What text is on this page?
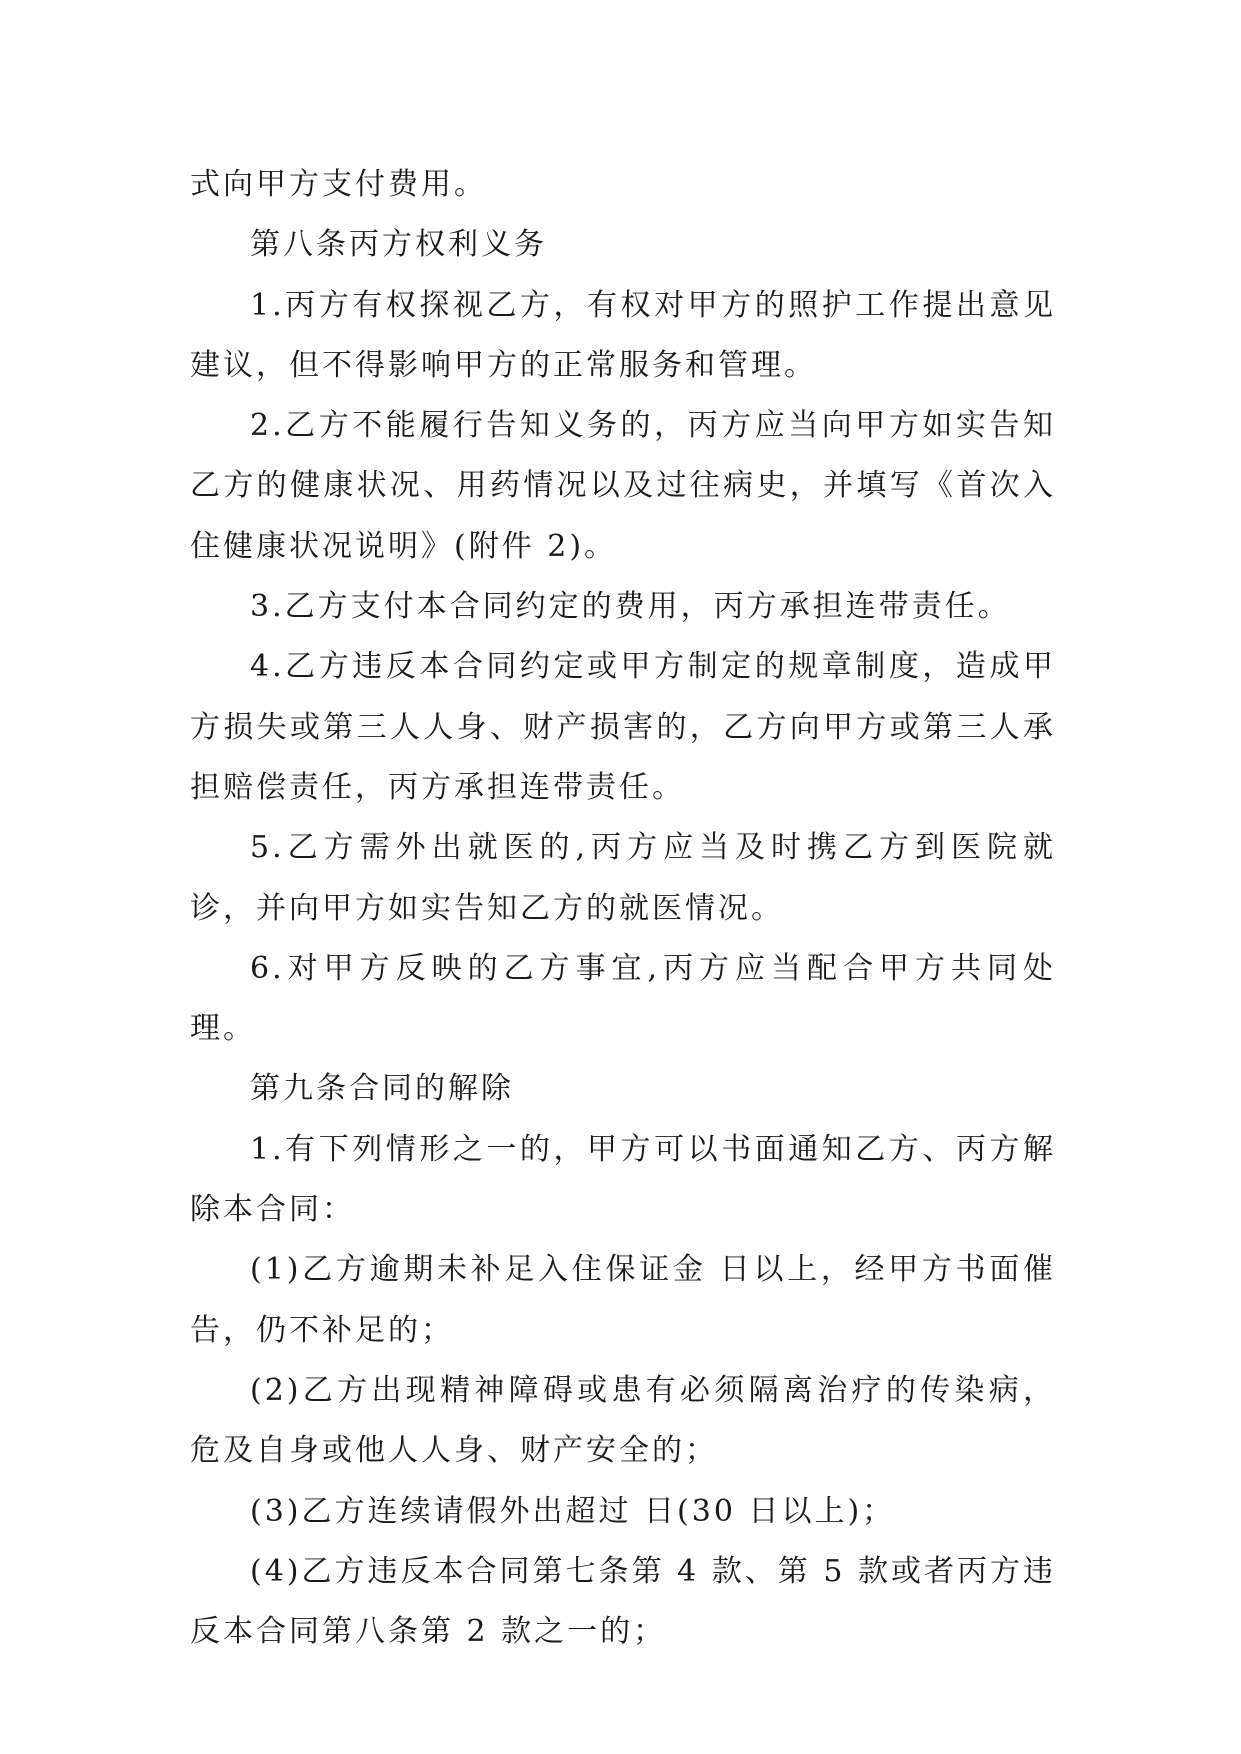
式向甲方支付费用。

第八条丙方权利义务

1.丙方有权探视乙方，有权对甲方的照护工作提出意见建议，但不得影响甲方的正常服务和管理。

2.乙方不能履行告知义务的，丙方应当向甲方如实告知乙方的健康状况、用药情况以及过往病史，并填写《首次入住健康状况说明》(附件 2)。

3.乙方支付本合同约定的费用，丙方承担连带责任。

4.乙方违反本合同约定或甲方制定的规章制度，造成甲方损失或第三人人身、财产损害的，乙方向甲方或第三人承担赔偿责任，丙方承担连带责任。

5.乙方需外出就医的,丙方应当及时携乙方到医院就诊，并向甲方如实告知乙方的就医情况。

6.对甲方反映的乙方事宜,丙方应当配合甲方共同处理。

第九条合同的解除

1.有下列情形之一的，甲方可以书面通知乙方、丙方解除本合同：

(1)乙方逾期未补足入住保证金 日以上，经甲方书面催告，仍不补足的；

(2)乙方出现精神障碍或患有必须隔离治疗的传染病，危及自身或他人人身、财产安全的；

(3)乙方连续请假外出超过 日(30 日以上)；

(4)乙方违反本合同第七条第 4 款、第 5 款或者丙方违反本合同第八条第 2 款之一的；
